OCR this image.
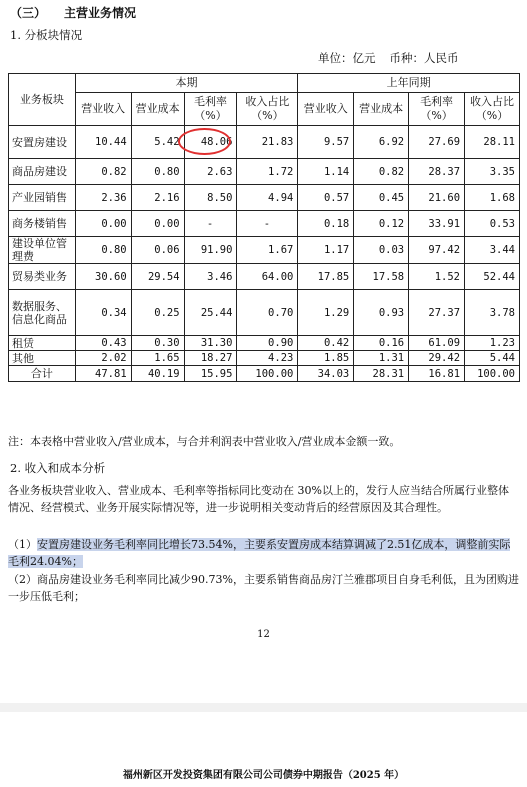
（三） 主营业务情况
1. 分板块情况
单位：亿元 币种：人民币
业务板块	本期				上年同期			
	营业收入	营业成本	毛利率（%）	收入占比（%）	营业收入	营业成本	毛利率（%）	收入占比（%）
安置房建设	10.44	5.42	48.06	21.83	9.57	6.92	27.69	28.11
商品房建设	0.82	0.80	2.63	1.72	1.14	0.82	28.37	3.35
产业园销售	2.36	2.16	8.50	4.94	0.57	0.45	21.60	1.68
商务楼销售	0.00	0.00	-	-	0.18	0.12	33.91	0.53
建设单位管理费	0.80	0.06	91.90	1.67	1.17	0.03	97.42	3.44
贸易类业务	30.60	29.54	3.46	64.00	17.85	17.58	1.52	52.44
数据服务、信息化商品	0.34	0.25	25.44	0.70	1.29	0.93	27.37	3.78
租赁	0.43	0.30	31.30	0.90	0.42	0.16	61.09	1.23
其他	2.02	1.65	18.27	4.23	1.85	1.31	29.42	5.44
合计	47.81	40.19	15.95	100.00	34.03	28.31	16.81	100.00
注：本表格中营业收入/营业成本，与合并利润表中营业收入/营业成本金额一致。
2. 收入和成本分析
各业务板块营业收入、营业成本、毛利率等指标同比变动在 30%以上的，发行人应当结合所属行业整体情况、经营模式、业务开展实际情况等，进一步说明相关变动背后的经营原因及其合理性。
（1）安置房建设业务毛利率同比增长73.54%，主要系安置房成本结算调减了2.51亿成本，调整前实际毛利24.04%；
（2）商品房建设业务毛利率同比减少90.73%，主要系销售商品房汀兰雅郡项目自身毛利低，且为团购进一步压低毛利；
12
福州新区开发投资集团有限公司公司债券中期报告（2025 年）
